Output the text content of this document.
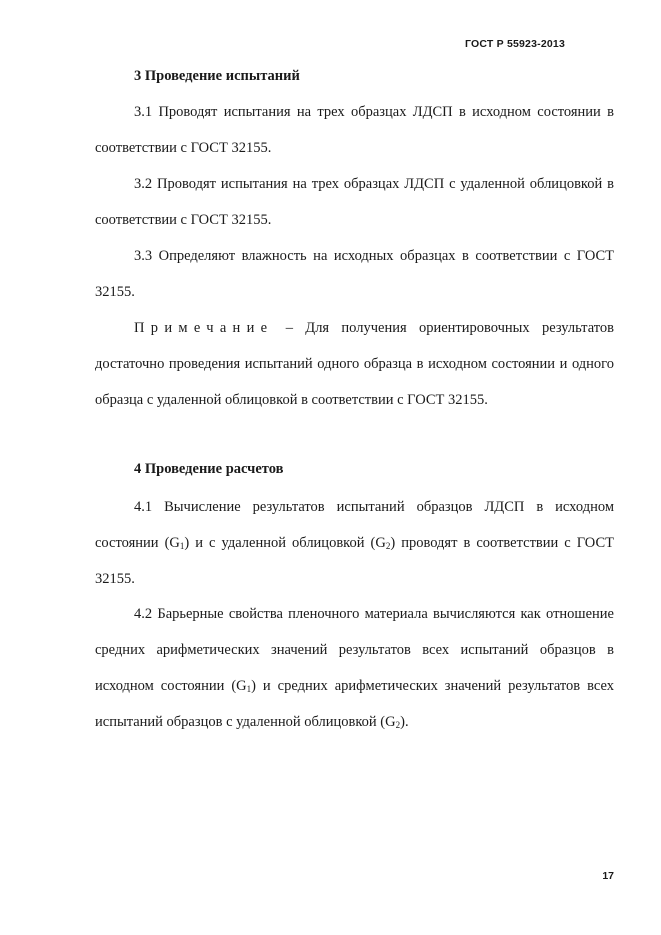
ГОСТ Р 55923-2013
3 Проведение испытаний

3.1 Проводят испытания на трех образцах ЛДСП в исходном состоянии в соответствии с ГОСТ 32155.

3.2 Проводят испытания на трех образцах ЛДСП с удаленной облицовкой в соответствии с ГОСТ 32155.

3.3 Определяют влажность на исходных образцах в соответствии с ГОСТ 32155.

Примечание – Для получения ориентировочных результатов достаточно проведения испытаний одного образца в исходном состоянии и одного образца с удаленной облицовкой в соответствии с ГОСТ 32155.

4 Проведение расчетов

4.1 Вычисление результатов испытаний образцов ЛДСП в исходном состоянии $(G_1)$ и с удаленной облицовкой $(G_2)$ проводят в соответствии с ГОСТ 32155.

4.2 Барьерные свойства пленочного материала вычисляются как отношение средних арифметических значений результатов всех испытаний образцов в исходном состоянии $(G_1)$ и средних арифметических значений результатов всех испытаний образцов с удаленной облицовкой $(G_2)$.

17
